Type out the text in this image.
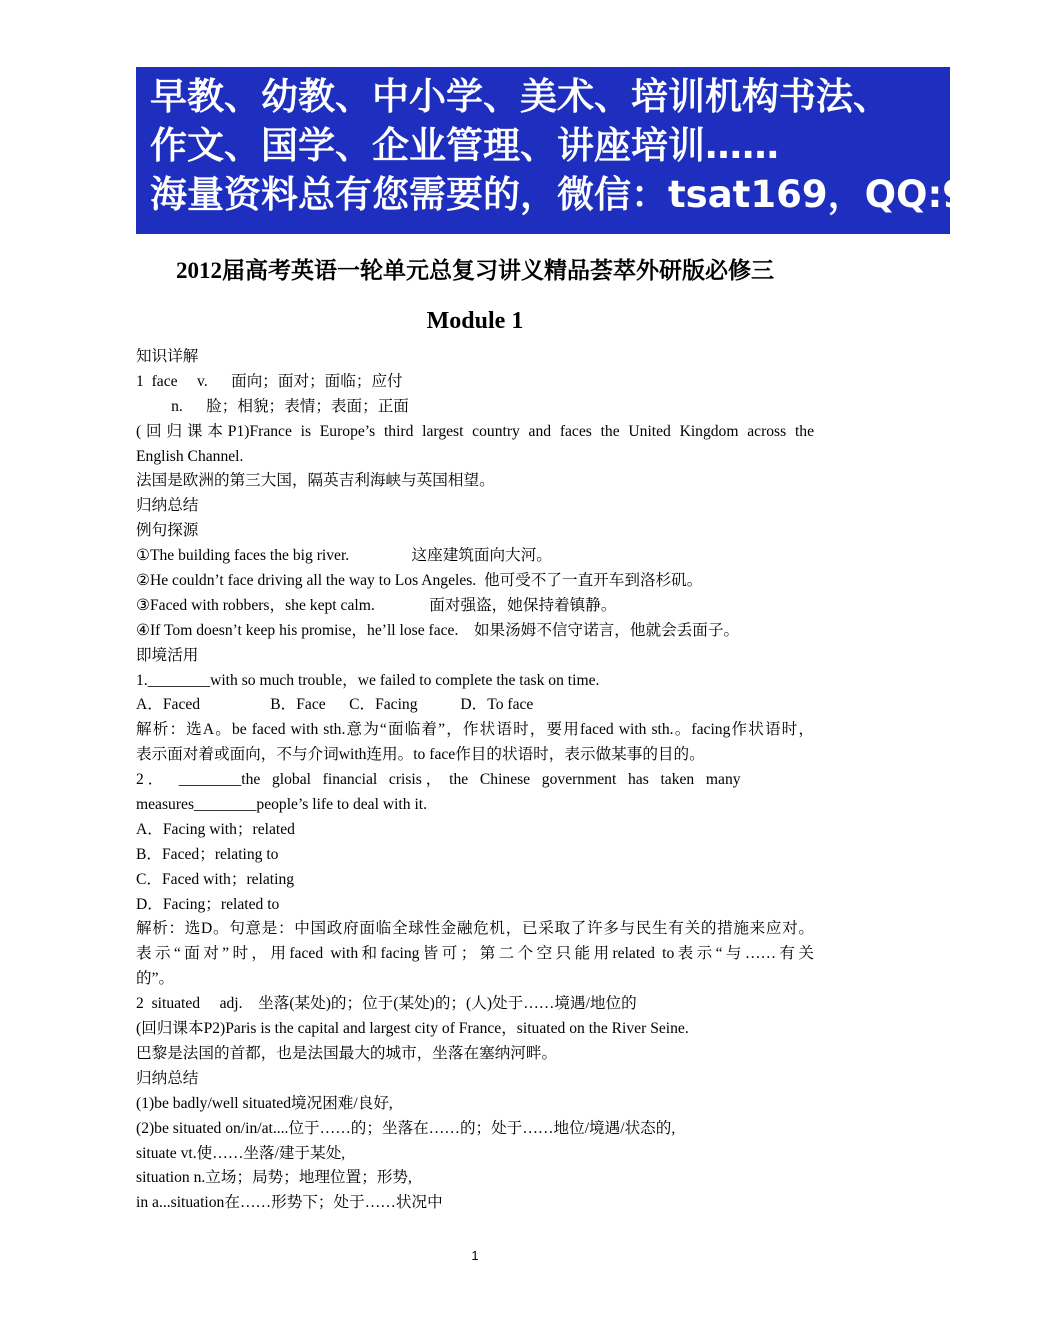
早教、幼教、中小学、美术、培训机构书法、
作文、国学、企业管理、讲座培训……
海量资料总有您需要的，微信：tsat169，QQ:9196
2012届高考英语一轮单元总复习讲义精品荟萃外研版必修三
Module 1
知识详解
1  face     v.      面向；面对；面临；应付
n.      脸；相貌；表情；表面；正面
(回归课本P1)France is Europe’s third largest country and faces the United Kingdom across the
English Channel.
法国是欧洲的第三大国，隔英吉利海峡与英国相望。
归纳总结
例句探源
①The building faces the big river.                这座建筑面向大河。
②He couldn’t face driving all the way to Los Angeles.  他可受不了一直开车到洛杉矶。
③Faced with robbers，she kept calm.              面对强盗，她保持着镇静。
④If Tom doesn’t keep his promise，he’ll lose face.    如果汤姆不信守诺言，他就会丢面子。
即境活用
1.________with so much trouble，we failed to complete the task on time.
A．Faced                  B．Face      C．Facing           D．To face
解析：选A。be faced with sth.意为“面临着”，作状语时，要用faced with sth.。facing作状语时，
表示面对着或面向，不与介词with连用。to face作目的状语时，表示做某事的目的。
2 ．    ________the   global   financial   crisis ，  the   Chinese   government   has   taken   many
measures________people’s life to deal with it.
A．Facing with；related
B．Faced；relating to
C．Faced with；relating
D．Facing；related to
解析：选D。句意是：中国政府面临全球性金融危机，已采取了许多与民生有关的措施来应对。
表示“面对”时，用faced with和facing皆可；第二个空只能用related to表示“与……有关
的”。
2  situated     adj.    坐落(某处)的；位于(某处)的；(人)处于……境遇/地位的
(回归课本P2)Paris is the capital and largest city of France，situated on the River Seine.
巴黎是法国的首都，也是法国最大的城市，坐落在塞纳河畔。
归纳总结
(1)be badly/well situated境况困难/良好,
(2)be situated on/in/at....位于……的；坐落在……的；处于……地位/境遇/状态的,
situate vt.使……坐落/建于某处,
situation n.立场；局势；地理位置；形势,
in a...situation在……形势下；处于……状况中
1
